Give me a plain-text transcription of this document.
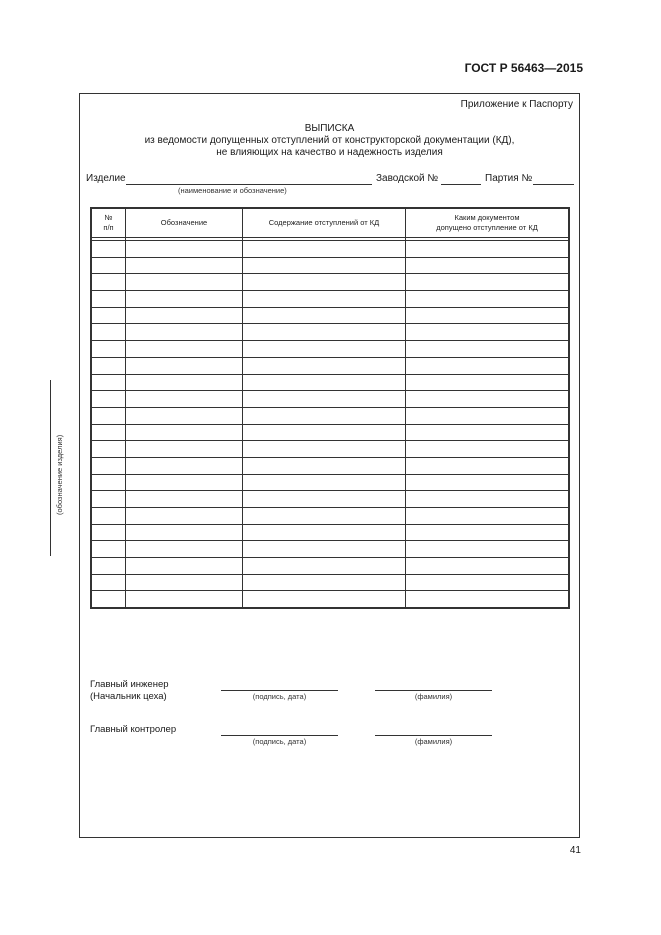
ГОСТ Р 56463—2015
Приложение к Паспорту
ВЫПИСКА
из ведомости допущенных отступлений от конструкторской документации (КД),
не влияющих на качество и надежность изделия
Изделие	Заводской №	Партия №
(наименование и обозначение)
№
п/п	Обозначение	Содержание отступлений от КД	Каким документом
допущено отступление от КД

Главный инженер
(Начальник цеха)	(подпись, дата)	(фамилия)
Главный контролер
(подпись, дата)	(фамилия)
(обозначение изделия)
41
